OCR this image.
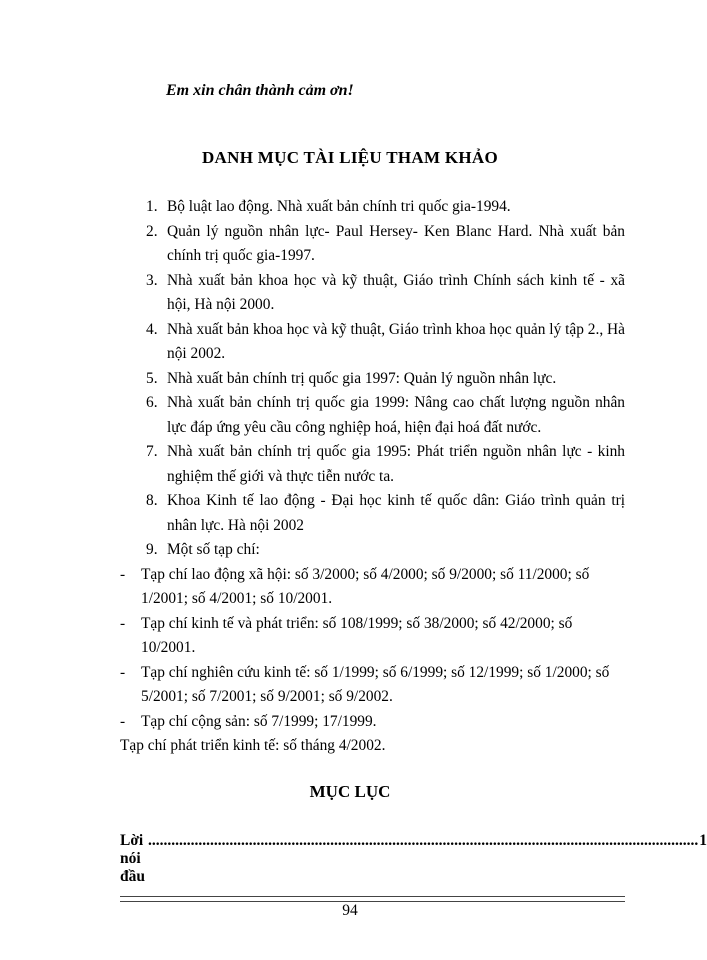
Em xin chân thành cảm ơn!
DANH MỤC TÀI LIỆU THAM KHẢO
1. Bộ luật lao động. Nhà xuất bản chính tri quốc gia-1994.
2. Quản lý nguồn nhân lực- Paul Hersey- Ken Blanc Hard. Nhà xuất bản chính trị quốc gia-1997.
3. Nhà xuất bản khoa học và kỹ thuật, Giáo trình Chính sách kinh tế - xã hội, Hà nội 2000.
4. Nhà xuất bản khoa học và kỹ thuật, Giáo trình khoa học quản lý tập 2., Hà nội 2002.
5. Nhà xuất bản chính trị quốc gia 1997: Quản lý nguồn nhân lực.
6. Nhà xuất bản chính trị quốc gia 1999: Nâng cao chất lượng nguồn nhân lực đáp ứng yêu cầu công nghiệp hoá, hiện đại hoá đất nước.
7. Nhà xuất bản chính trị quốc gia 1995: Phát triển nguồn nhân lực - kinh nghiệm thế giới và thực tiễn nước ta.
8. Khoa Kinh tế lao động - Đại học kinh tế quốc dân: Giáo trình quản trị nhân lực. Hà nội 2002
9. Một số tạp chí:
- Tạp chí lao động xã hội: số 3/2000; số 4/2000; số 9/2000; số 11/2000; số 1/2001; số 4/2001; số 10/2001.
- Tạp chí kinh tế và phát triển: số 108/1999; số 38/2000; số 42/2000; số 10/2001.
- Tạp chí nghiên cứu kinh tế: số 1/1999; số 6/1999; số 12/1999; số 1/2000; số 5/2001; số 7/2001; số 9/2001; số 9/2002.
- Tạp chí cộng sản: số 7/1999; 17/1999.
Tạp chí phát triển kinh tế: số tháng 4/2002.
MỤC LỤC
Lời nói đầu
.............................................................................................................................................. 1
94
